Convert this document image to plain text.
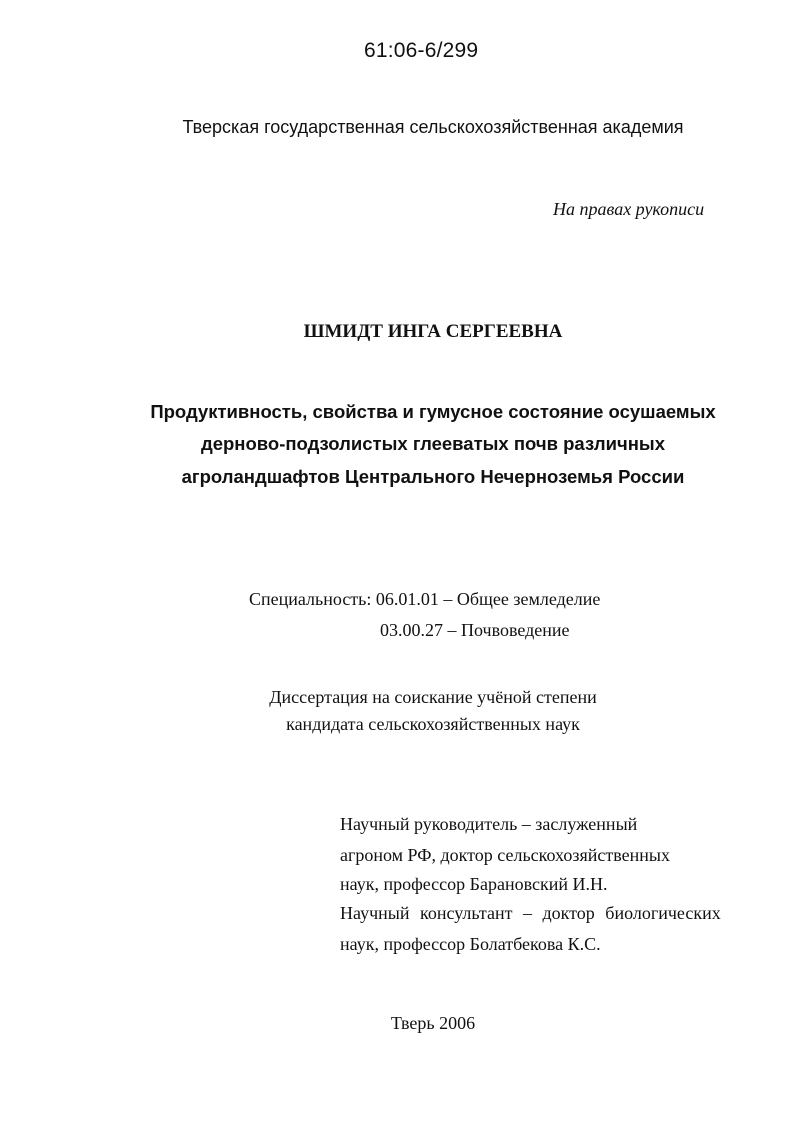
61:06-6/299
Тверская государственная сельскохозяйственная академия
На правах рукописи
ШМИДТ ИНГА СЕРГЕЕВНА
Продуктивность, свойства и гумусное состояние осушаемых
дерново-подзолистых глееватых почв различных
агроландшафтов Центрального Нечерноземья России
Специальность: 06.01.01 – Общее земледелие
03.00.27 – Почвоведение
Диссертация на соискание учёной степени
кандидата сельскохозяйственных наук
Научный руководитель – заслуженный
агроном РФ, доктор сельскохозяйственных
наук, профессор Барановский И.Н.
Научный консультант – доктор биологических
наук, профессор Болатбекова К.С.
Тверь 2006
